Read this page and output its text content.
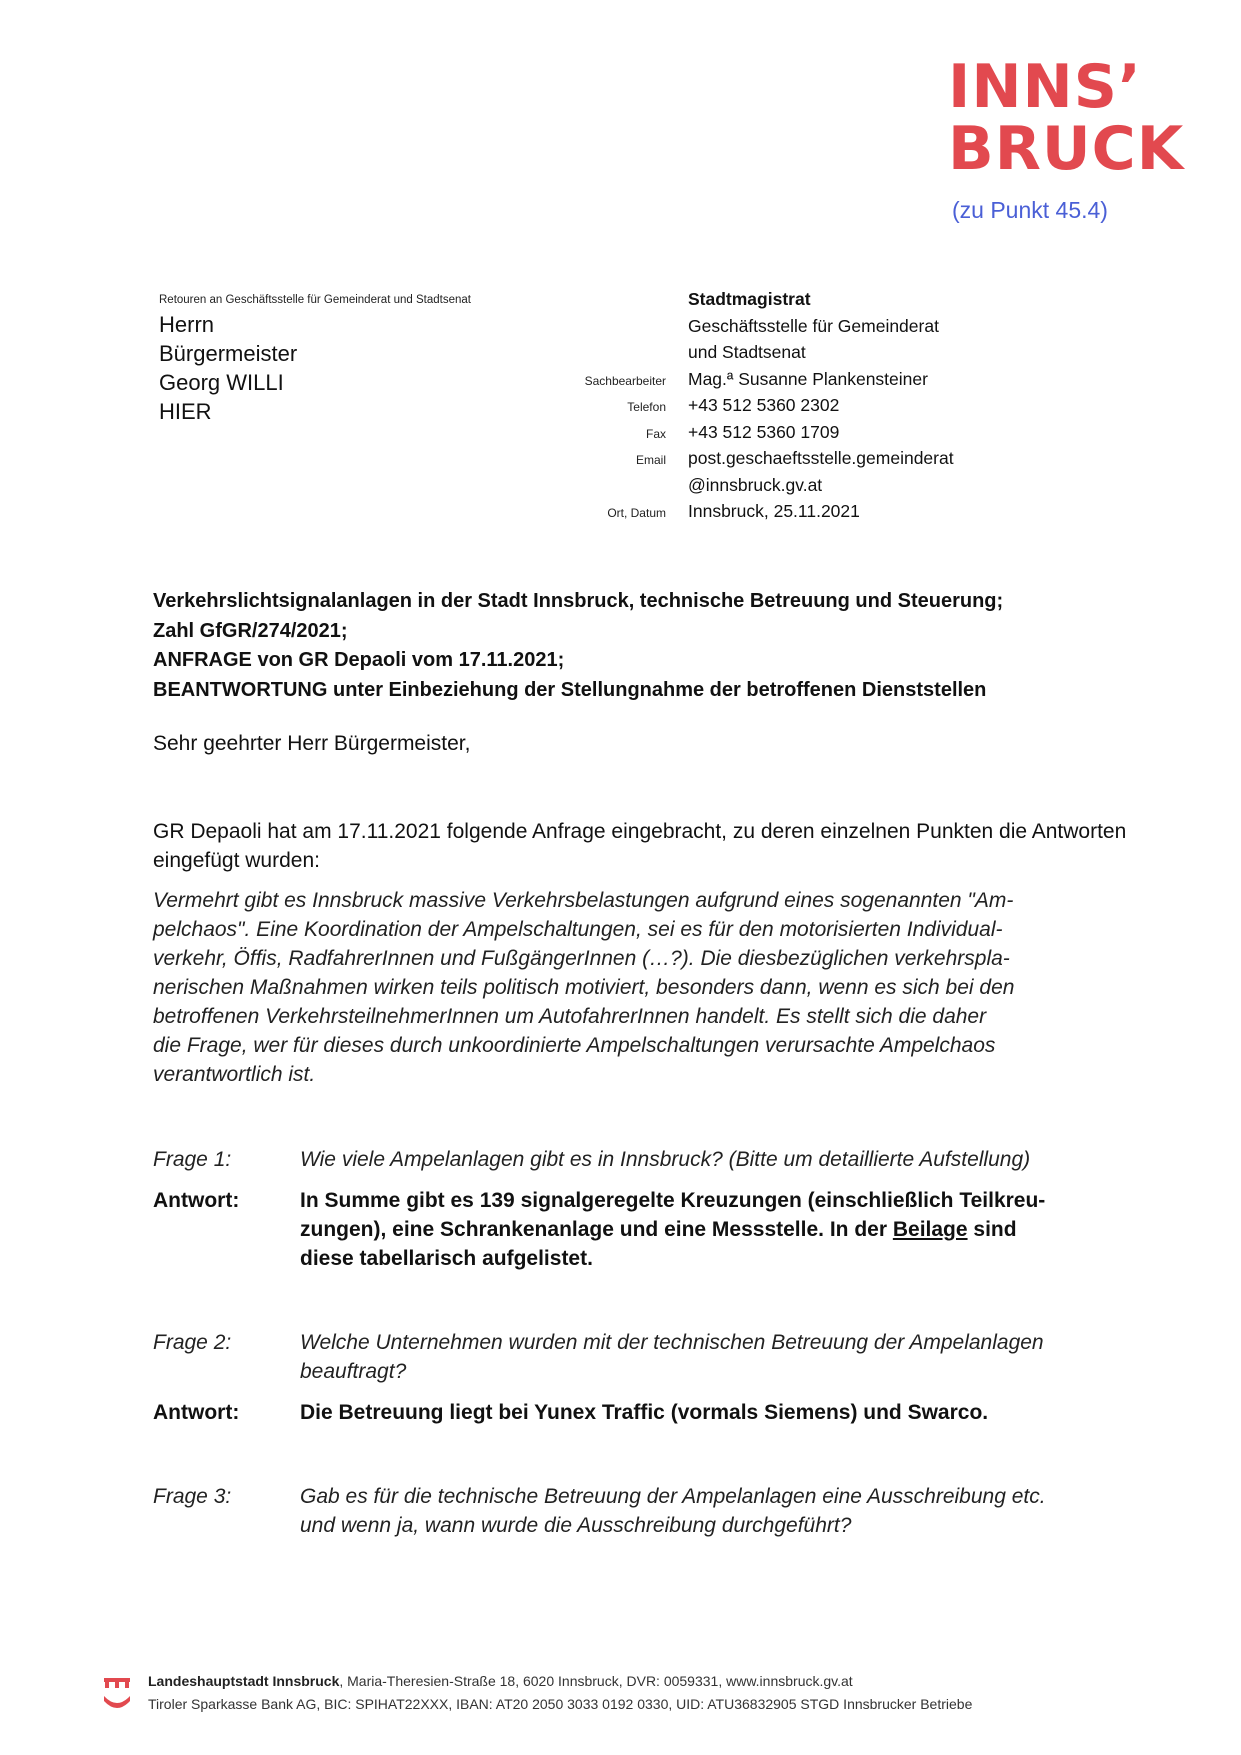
INNS’
BRUCK
(zu Punkt 45.4)
Retouren an Geschäftsstelle für Gemeinderat und Stadtsenat
Herrn
Bürgermeister
Georg WILLI
HIER
Stadtmagistrat
Geschäftsstelle für Gemeinderat
und Stadtsenat
Sachbearbeiter	Mag.ª Susanne Plankensteiner
Telefon	+43 512 5360 2302
Fax	+43 512 5360 1709
Email	post.geschaeftsstelle.gemeinderat
@innsbruck.gv.at
Ort, Datum	Innsbruck, 25.11.2021
Verkehrslichtsignalanlagen in der Stadt Innsbruck, technische Betreuung und Steuerung;
Zahl GfGR/274/2021;
ANFRAGE von GR Depaoli vom 17.11.2021;
BEANTWORTUNG unter Einbeziehung der Stellungnahme der betroffenen Dienststellen
Sehr geehrter Herr Bürgermeister,
GR Depaoli hat am 17.11.2021 folgende Anfrage eingebracht, zu deren einzelnen Punkten die Antworten eingefügt wurden:
Vermehrt gibt es Innsbruck massive Verkehrsbelastungen aufgrund eines sogenannten "Am-
pelchaos". Eine Koordination der Ampelschaltungen, sei es für den motorisierten Individual-
verkehr, Öffis, RadfahrerInnen und FußgängerInnen (…?). Die diesbezüglichen verkehrspla-
nerischen Maßnahmen wirken teils politisch motiviert, besonders dann, wenn es sich bei den
betroffenen VerkehrsteilnehmerInnen um AutofahrerInnen handelt. Es stellt sich die daher
die Frage, wer für dieses durch unkoordinierte Ampelschaltungen verursachte Ampelchaos
verantwortlich ist.
Frage 1:	Wie viele Ampelanlagen gibt es in Innsbruck? (Bitte um detaillierte Aufstellung)
Antwort:	In Summe gibt es 139 signalgeregelte Kreuzungen (einschließlich Teilkreu-
zungen), eine Schrankenanlage und eine Messstelle. In der Beilage sind
diese tabellarisch aufgelistet.
Frage 2:	Welche Unternehmen wurden mit der technischen Betreuung der Ampelanlagen
beauftragt?
Antwort:	Die Betreuung liegt bei Yunex Traffic (vormals Siemens) und Swarco.
Frage 3:	Gab es für die technische Betreuung der Ampelanlagen eine Ausschreibung etc.
und wenn ja, wann wurde die Ausschreibung durchgeführt?
Landeshauptstadt Innsbruck, Maria-Theresien-Straße 18, 6020 Innsbruck, DVR: 0059331, www.innsbruck.gv.at
Tiroler Sparkasse Bank AG, BIC: SPIHAT22XXX, IBAN: AT20 2050 3033 0192 0330, UID: ATU36832905 STGD Innsbrucker Betriebe
